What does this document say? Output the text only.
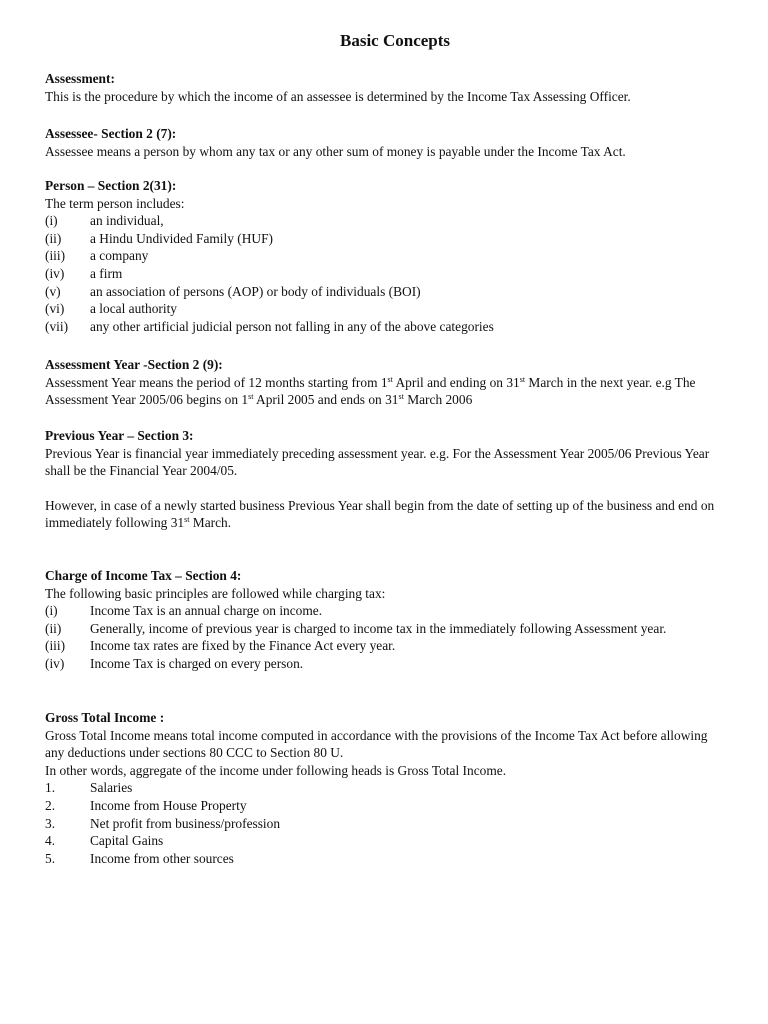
Basic Concepts
Assessment:
This is the procedure by which the income of an assessee is determined by the Income Tax Assessing Officer.
Assessee- Section 2 (7):
Assessee means a person by whom any tax or any other sum of money is payable under the Income Tax Act.
Person – Section 2(31):
The term person includes:
(i)	an individual,
(ii)	a Hindu Undivided Family (HUF)
(iii)	a company
(iv)	a firm
(v)	an association of persons (AOP) or body of individuals (BOI)
(vi)	a local authority
(vii)	any other artificial judicial person not falling in any of the above categories
Assessment Year -Section 2 (9):
Assessment Year means the period of 12 months starting from 1st April and ending on 31st March in the next year. e.g The Assessment Year 2005/06 begins on 1st April 2005 and ends on 31st March 2006
Previous Year – Section 3:
Previous Year is financial year immediately preceding assessment year. e.g. For the Assessment Year 2005/06 Previous Year shall be the Financial Year 2004/05.
However, in case of a newly started business Previous Year shall begin from the date of setting up of the business and end on immediately following 31st March.
Charge of Income Tax – Section 4:
The following basic principles are followed while charging tax:
(i)	Income Tax is an annual charge on income.
(ii)	Generally, income of previous year is charged to income tax in the immediately following Assessment year.
(iii)	Income tax rates are fixed by the Finance Act every year.
(iv)	Income Tax is charged on every person.
Gross Total Income :
Gross Total Income means total income computed in accordance with the provisions of the Income Tax Act before allowing any deductions under sections 80 CCC to Section 80 U.
In other words, aggregate of the income under following heads is Gross Total Income.
1.	Salaries
2.	Income from House Property
3.	Net profit from business/profession
4.	Capital Gains
5.	Income from other sources
